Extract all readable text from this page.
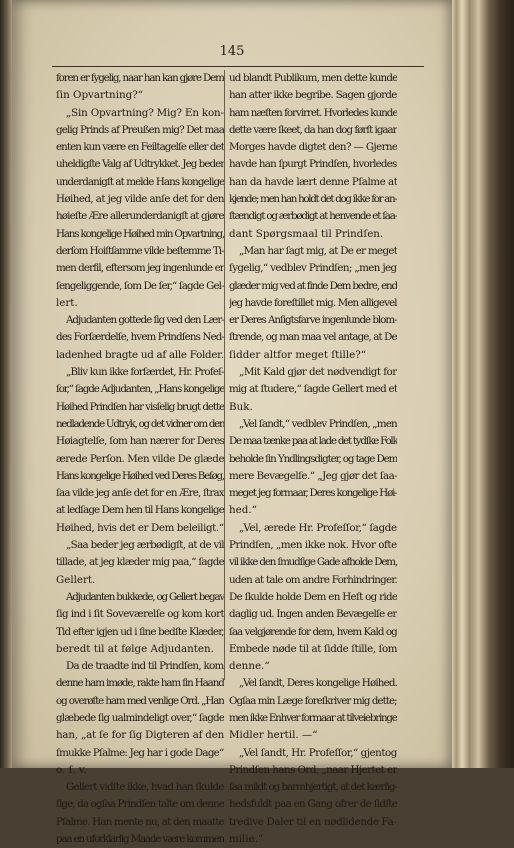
145
foren er ſygelig, naar han kan gjøre Dem
ſin Opvartning?“
„Sin Opvartning? Mig? En kon-
gelig Prinds af Preußen mig? Det maa
enten kun være en Feiltagelſe eller det
uheldigſte Valg af Udtrykket. Jeg beder
underdanigſt at melde Hans kongelige
Høihed, at jeg vilde anſe det for den
høieſte Ære allerunderdanigſt at gjøre
Hans kongelige Høihed min Opvartning,
derſom Hoiſtſamme vilde beſtemme Ti-
men derfil, eftersom jeg ingenlunde er
ſengeliggende, ſom De ſer,“ ſagde Gel-
lert.
Adjudanten gottede ſig ved den Lær-
des Forſærdelſe, hvem Prindſens Ned-
ladenhed bragte ud af alle Folder.
„Bliv kun ikke forſærdet, Hr. Profeſ-
ſor,“ ſagde Adjudanten, „Hans kongelige
Høihed Prindſen har visſelig brugt dette
nedladende Udtryk, og det vidner om den
Høiagtelſe, ſom han nærer for Deres
ærede Perſon. Men vilde De glæde
Hans kongelige Høihed ved Deres Beſøg,
ſaa vilde jeg anſe det for en Ære, ſtrax
at ledſage Dem hen til Hans kongelige
Høihed, hvis det er Dem beleiligt.“
„Saa beder jeg ærbødigſt, at de vil
tillade, at jeg klæder mig paa,“ ſagde
Gellert.
Adjudanten bukkede, og Gellert begav
ſig ind i ſit Soveværelſe og kom kort
Tid efter igjen ud i ſine bedſte Klæder,
beredt til at følge Adjudanten.
Da de traadte ind til Prindſen, kom
denne ham imøde, rakte ham ſin Haand
og overøſte ham med venlige Ord. „Han
glæbede ſig ualmindeligt over,“ ſagde
han, „at ſe for ſig Digteren af den
ſmukke Pſalme: Jeg har i gode Dage“
o. ſ. v.
Gellert vidſte ikke, hvad han ſkulde
ſige, da ogſaa Prindſen talte om denne
Pſalme. Han mente nu, at den maatte
paa en uforklarlig Maade være kommen
ud blandt Publikum, men dette kunde
han atter ikke begribe. Sagen gjorde
ham næſten forvirret. Hvorledes kunde
dette være ſkeet, da han dog førſt igaar
Morges havde digtet den? — Gjerne
havde han ſpurgt Prindſen, hvorledes
han da havde lært denne Pſalme at
kjende; men han holdt det dog ikke for an-
ſtændigt og ærbødigt at henvende et ſaa-
dant Spørgsmaal til Prindſen.
„Man har ſagt mig, at De er meget
ſygelig,“ vedblev Prindſen; „men jeg
glæder mig ved at finde Dem bedre, end
jeg havde foreſtillet mig. Men alligevel
er Deres Anſigtsfarve ingenlunde blom-
ſtrende, og man maa vel antage, at De
ſidder altfor meget ſtille?“
„Mit Kald gjør det nødvendigt for
mig at ſtudere,“ ſagde Gellert med et
Buk.
„Vel ſandt,“ vedblev Prindſen, „men
De maa tænke paa at lade det tydſke Folk
beholde ſin Yndlingsdigter, og tage Dem
mere Bevægelſe.“ „Jeg gjør det ſaa-
meget jeg formaar, Deres kongelige Høi-
hed.“
„Vel, ærede Hr. Profeſſor,“ ſagde
Prindſen, „men ikke nok. Hvor ofte
vil ikke den ſmudſige Gade afholde Dem,
uden at tale om andre Forhindringer.
De ſkulde holde Dem en Heſt og ride
daglig ud. Ingen anden Bevægelſe er
ſaa velgjørende for dem, hvem Kald og
Embede nøde til at ſidde ſtille, ſom
denne.“
„Vel ſandt, Deres kongelige Høihed.
Ogſaa min Læge foreſkriver mig dette;
men ikke Enhver formaar at tilveiebringe
Midler hertil. —“
„Vel ſandt, Hr. Profeſſor,“ gjentog
Prindſen hans Ord, „naar Hjertet er
ſaa mildt og barmhjertigt, at det kærlig-
hedsfuldt paa en Gang ofrer de ſidſte
tredive Daler til en nødlidende Fa-
milie.“
